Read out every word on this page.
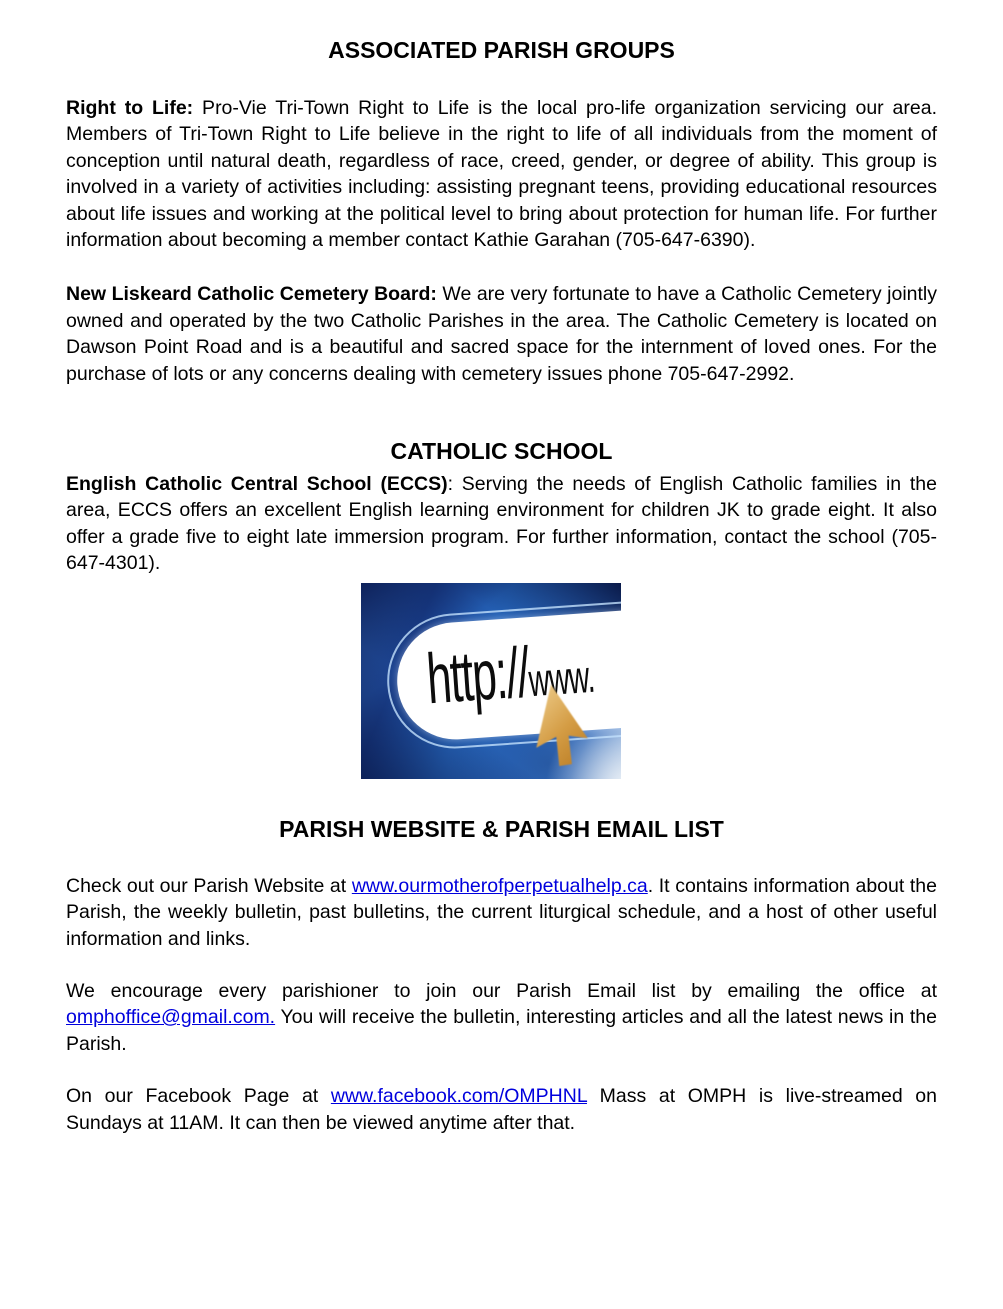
ASSOCIATED PARISH GROUPS

Right to Life: Pro-Vie Tri-Town Right to Life is the local pro-life organization servicing our area. Members of Tri-Town Right to Life believe in the right to life of all individuals from the moment of conception until natural death, regardless of race, creed, gender, or degree of ability. This group is involved in a variety of activities including: assisting pregnant teens, providing educational resources about life issues and working at the political level to bring about protection for human life. For further information about becoming a member contact Kathie Garahan (705-647-6390).

New Liskeard Catholic Cemetery Board: We are very fortunate to have a Catholic Cemetery jointly owned and operated by the two Catholic Parishes in the area. The Catholic Cemetery is located on Dawson Point Road and is a beautiful and sacred space for the internment of loved ones. For the purchase of lots or any concerns dealing with cemetery issues phone 705-647-2992.

CATHOLIC SCHOOL

English Catholic Central School (ECCS): Serving the needs of English Catholic families in the area, ECCS offers an excellent English learning environment for children JK to grade eight. It also offer a grade five to eight late immersion program. For further information, contact the school (705-647-4301).

http://www.
PARISH WEBSITE & PARISH EMAIL LIST

Check out our Parish Website at www.ourmotherofperpetualhelp.ca. It contains information about the Parish, the weekly bulletin, past bulletins, the current liturgical schedule, and a host of other useful information and links.

We encourage every parishioner to join our Parish Email list by emailing the office at omphoffice@gmail.com. You will receive the bulletin, interesting articles and all the latest news in the Parish.

On our Facebook Page at www.facebook.com/OMPHNL Mass at OMPH is live-streamed on Sundays at 11AM. It can then be viewed anytime after that.
